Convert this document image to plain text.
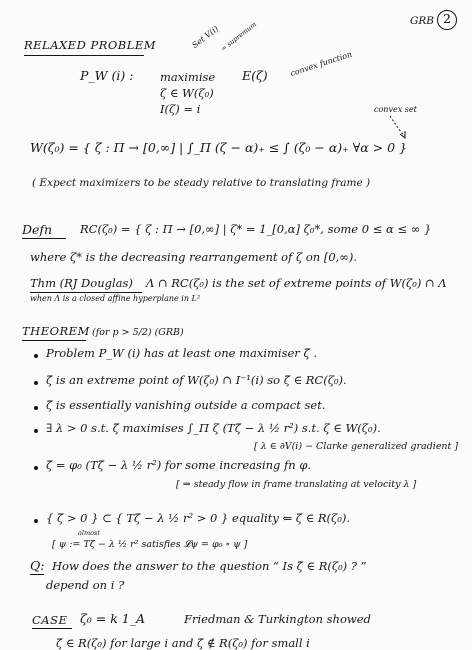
GRB 2
RELAXED PROBLEM	Set V(i) = supremum
P_W (i) : maximise
ζ ∈ W(ζ₀)
I(ζ) = i
E(ζ)	convex function
convex set
W(ζ₀) = { ζ : Π → [0,∞] | ∫_Π (ζ − α)₊ ≤ ∫ (ζ₀ − α)₊ ∀α > 0 }
( Expect maximizers to be steady relative to translating frame )
Defn RC(ζ₀) = { ζ : Π → [0,∞] | ζ* = 1_[0,α] ζ₀*, some 0 ≤ α ≤ ∞ }
where ζ* is the decreasing rearrangement of ζ on [0,∞).
Thm (RJ Douglas) Λ ∩ RC(ζ₀) is the set of extreme points of W(ζ₀) ∩ Λ
when Λ is a closed affine hyperplane in L²
THEOREM (for p > 5/2) (GRB)
Problem P_W (i) has at least one maximiser ζ̄ .
ζ̄ is an extreme point of W(ζ₀) ∩ I⁻¹(i) so ζ̄ ∈ RC(ζ₀).
ζ̄ is essentially vanishing outside a compact set.
∃ λ > 0 s.t. ζ̄ maximises ∫_Π ζ (Tζ̄ − λ ½ r²) s.t. ζ ∈ W(ζ₀).
[ λ ∈ ∂V(i) − Clarke generalized gradient ]
ζ̄ = φ₀ (Tζ̄ − λ ½ r²) for some increasing fn φ.
[ ⇒ steady flow in frame translating at velocity λ ]
{ ζ̄ > 0 } ⊂ { Tζ̄ − λ ½ r² > 0 } equality ⇐ ζ̄ ∈ R(ζ₀).
almost
[ ψ := Tζ̄ − λ ½ r² satisfies 𝓛ψ = φ₀ ∘ ψ ]
Q: How does the answer to the question “ Is ζ̄ ∈ R(ζ₀) ? ”
depend on i ?
CASE ζ₀ = k 1_A	Friedman & Turkington showed
ζ̄ ∈ R(ζ₀) for large i and ζ̄ ∉ R(ζ₀) for small i
